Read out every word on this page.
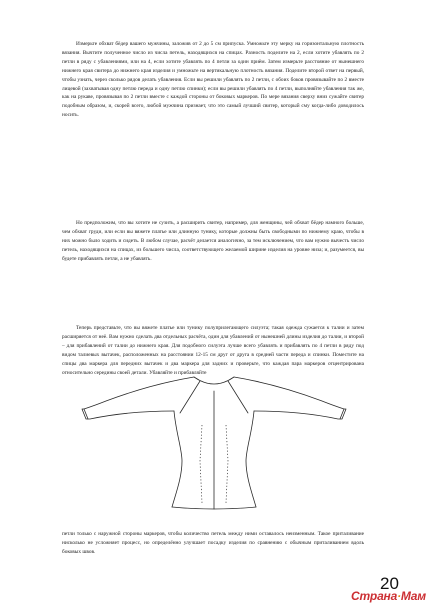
Измерьте обхват бёдер вашего мужчины, заложив от 2 до 5 см припуска. Умножьте эту мерку на горизонтальную плотность вязания. Вычтите полученное число из числа петель, находящихся на спицах. Разность поделите на 2, если хотите убавлять по 2 петли в ряду с убавлениями, или на 4, если хотите убавлять по 4 петли за один приём. Затем измерьте расстояние от нынешнего нижнего края свитера до нижнего края изделия и умножьте на вертикальную плотность вязания. Поделите второй ответ на первый, чтобы узнать, через сколько рядов делать убавления. Если вы решили убавлять по 2 петли, с обоих боков провязывайте по 2 вместе лицевой (захватывая одну петлю переда и одну петлю спинки); если вы решили убавлять по 4 петли, выполняйте убавления так же, как на рукаве, провязывая по 2 петли вместе с каждой стороны от боковых маркеров. По мере вязания сверху вниз сужайте свитер подобным образом, и, скорей всего, любой мужчина признает, что это самый лучший свитер, который сму когда-либо доводилось носить.

Но предположим, что вы хотите не сузить, а расширить свитер, например, для женщины, чей обхват бёдер намного больше, чем обхват груди, или если вы вяжете платье или длинную тунику, которые должны быть свободными по нижнему краю, чтобы в них можно было ходить и сидеть. В любом случае, расчёт делается аналогично, за тем исключением, что вам нужно вычесть число петель, находящихся на спицах, из большего числа, соответствующего желаемой ширине изделия на уровне низа; и, разумеется, вы будете прибавлять петли, а не убавлять.

Теперь представьте, что вы вяжете платье или тунику полуприлегающего силуэта; такая одежда сужается к талии и затем расширяется от неё. Вам нужно сделать два отдельных расчёта, один для убавлений от нынешней длины изделия до талии, и второй – для прибавлений от талии до нижнего края. Для подобного силуэта лучше всего убавлять и прибавлять по 4 петли в ряду под видом талиевых вытачек, расположенных на расстоянии 12-15 см друг от друга в средней части переда и спинки. Поместите на спицы два маркера для передних вытачек и два маркера для задних и проверьте, что каждая пара маркеров отцентрирована относительно середины своей детали. Убавляйте и прибавляйте

петли только с наружной стороны маркеров, чтобы количество петель между ними оставалось неизменным. Такое приталивание нисколько не усложняет процесс, но определённо улучшает посадку изделия по сравнению с обычным приталиванием вдоль боковых швов.

20
Страна·Мам
